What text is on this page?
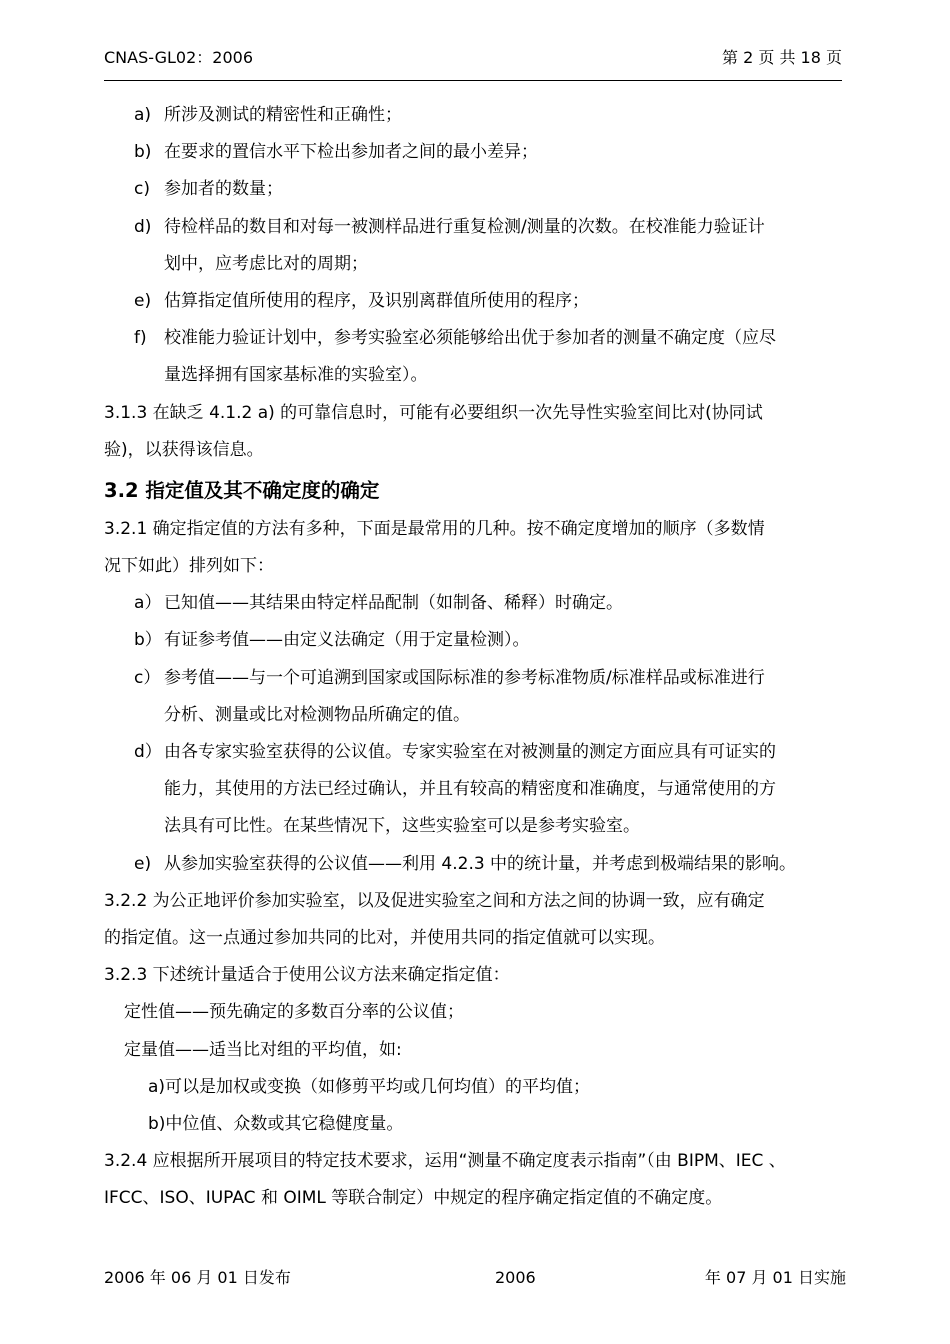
CNAS-GL02：2006	第 2 页 共 18 页
a) 所涉及测试的精密性和正确性；
b) 在要求的置信水平下检出参加者之间的最小差异；
c) 参加者的数量；
d) 待检样品的数目和对每一被测样品进行重复检测/测量的次数。在校准能力验证计
划中，应考虑比对的周期；
e) 估算指定值所使用的程序，及识别离群值所使用的程序；
f) 校准能力验证计划中，参考实验室必须能够给出优于参加者的测量不确定度（应尽
量选择拥有国家基标准的实验室）。
3.1.3 在缺乏 4.1.2 a) 的可靠信息时，可能有必要组织一次先导性实验室间比对(协同试
验)，以获得该信息。
3.2 指定值及其不确定度的确定
3.2.1 确定指定值的方法有多种，下面是最常用的几种。按不确定度增加的顺序（多数情
况下如此）排列如下：
a） 已知值——其结果由特定样品配制（如制备、稀释）时确定。
b） 有证参考值——由定义法确定（用于定量检测）。
c） 参考值——与一个可追溯到国家或国际标准的参考标准物质/标准样品或标准进行
分析、测量或比对检测物品所确定的值。
d） 由各专家实验室获得的公议值。专家实验室在对被测量的测定方面应具有可证实的
能力，其使用的方法已经过确认，并且有较高的精密度和准确度，与通常使用的方
法具有可比性。在某些情况下，这些实验室可以是参考实验室。
e) 从参加实验室获得的公议值——利用 4.2.3 中的统计量，并考虑到极端结果的影响。
3.2.2 为公正地评价参加实验室，以及促进实验室之间和方法之间的协调一致，应有确定
的指定值。这一点通过参加共同的比对，并使用共同的指定值就可以实现。
3.2.3 下述统计量适合于使用公议方法来确定指定值：
定性值——预先确定的多数百分率的公议值；
定量值——适当比对组的平均值，如:
a)可以是加权或变换（如修剪平均或几何均值）的平均值；
b)中位值、众数或其它稳健度量。
3.2.4 应根据所开展项目的特定技术要求，运用“测量不确定度表示指南”（由 BIPM、IEC 、
IFCC、ISO、IUPAC 和 OIML 等联合制定）中规定的程序确定指定值的不确定度。
2006 年 06 月 01 日发布	2006	年 07 月 01 日实施
